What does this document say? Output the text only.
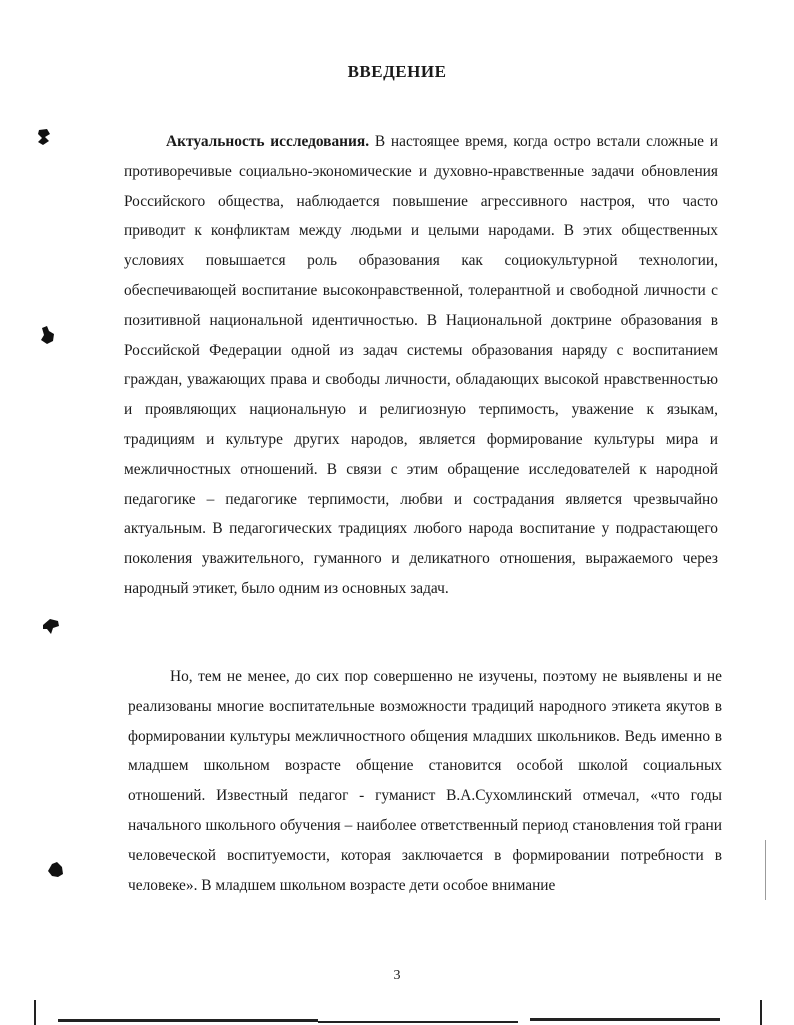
ВВЕДЕНИЕ

Актуальность исследования. В настоящее время, когда остро встали сложные и противоречивые социально-экономические и духовно-нравственные задачи обновления Российского общества, наблюдается повышение агрессивного настроя, что часто приводит к конфликтам между людьми и целыми народами. В этих общественных условиях повышается роль образования как социокультурной технологии, обеспечивающей воспитание высоконравственной, толерантной и свободной личности с позитивной национальной идентичностью. В Национальной доктрине образования в Российской Федерации одной из задач системы образования наряду с воспитанием граждан, уважающих права и свободы личности, обладающих высокой нравственностью и проявляющих национальную и религиозную терпимость, уважение к языкам, традициям и культуре других народов, является формирование культуры мира и межличностных отношений. В связи с этим обращение исследователей к народной педагогике – педагогике терпимости, любви и сострадания является чрезвычайно актуальным. В педагогических традициях любого народа воспитание у подрастающего поколения уважительного, гуманного и деликатного отношения, выражаемого через народный этикет, было одним из основных задач.

Но, тем не менее, до сих пор совершенно не изучены, поэтому не выявлены и не реализованы многие воспитательные возможности традиций народного этикета якутов в формировании культуры межличностного общения младших школьников. Ведь именно в младшем школьном возрасте общение становится особой школой социальных отношений. Известный педагог - гуманист В.А.Сухомлинский отмечал, «что годы начального школьного обучения – наиболее ответственный период становления той грани человеческой воспитуемости, которая заключается в формировании потребности в человеке». В младшем школьном возрасте дети особое внимание

3
